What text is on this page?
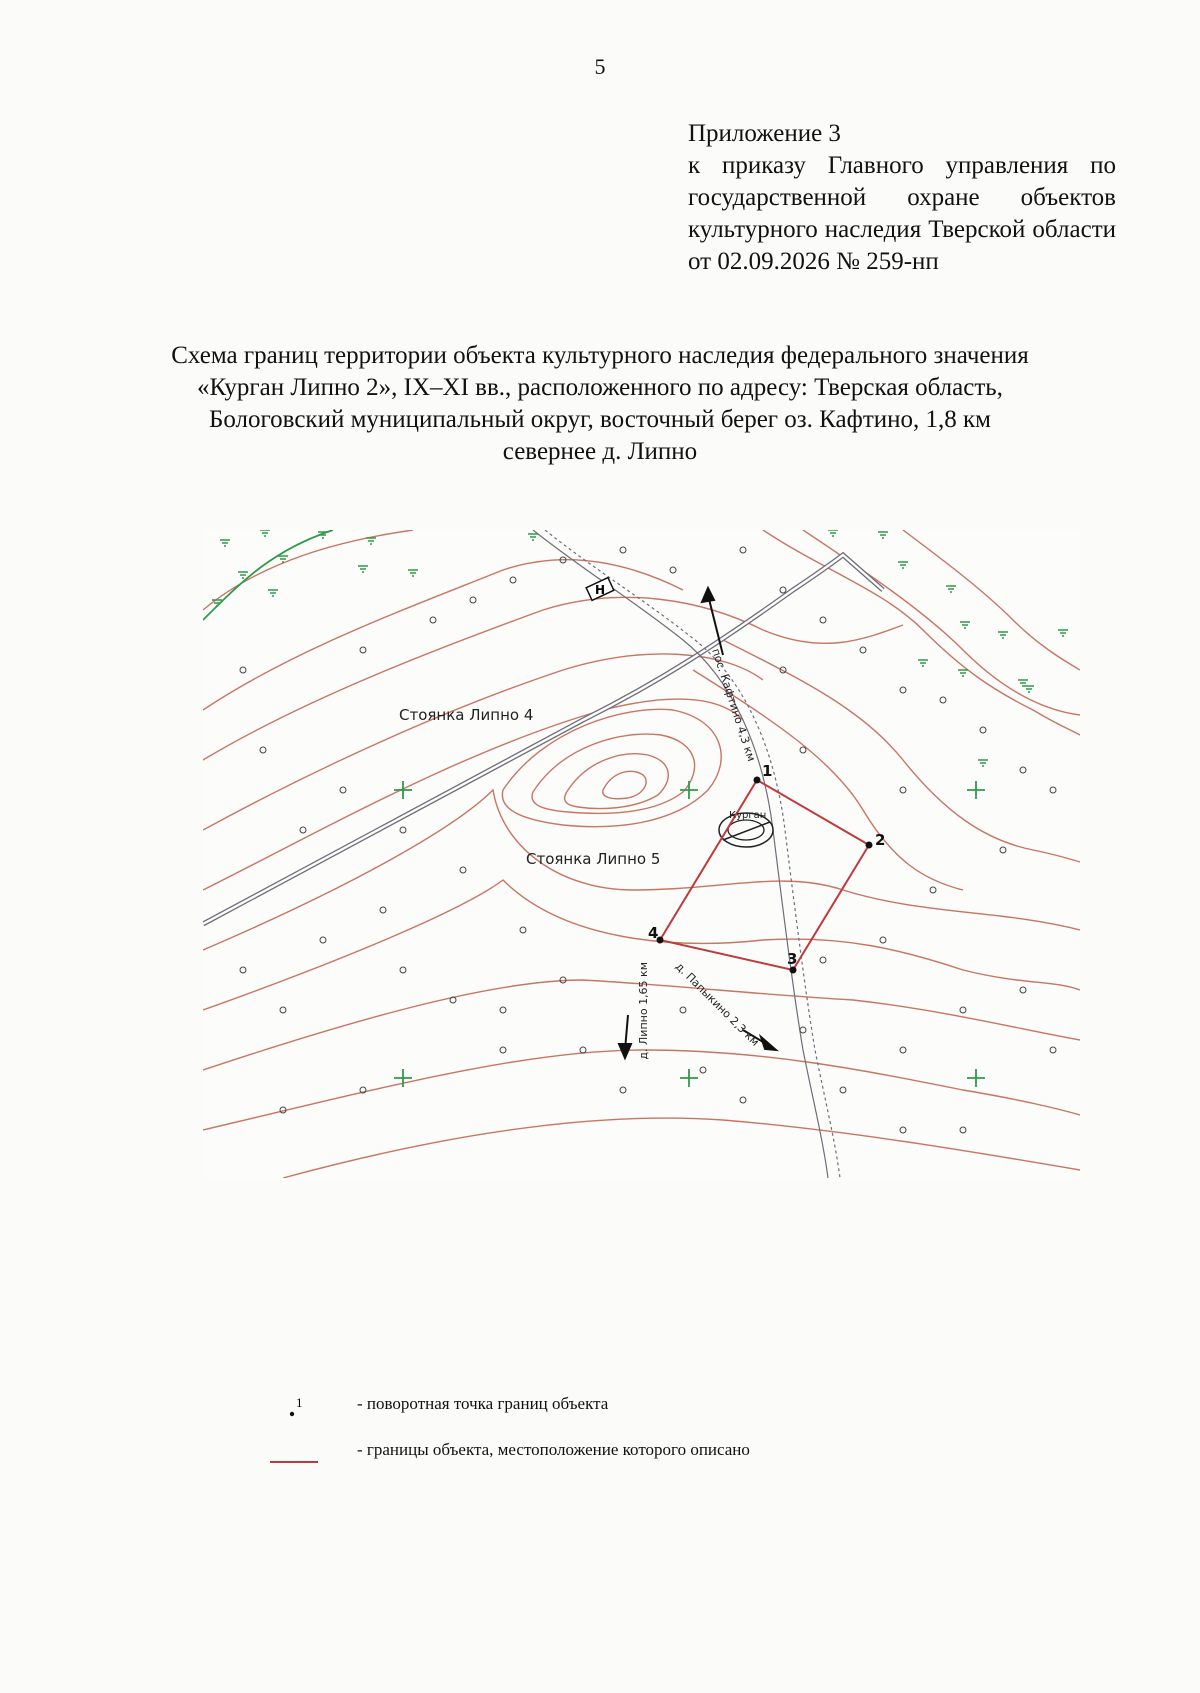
5
Приложение 3
к приказу Главного управления по государственной охране объектов культурного наследия Тверской области от 02.09.2026 № 259-нп
Схема границ территории объекта культурного наследия федерального значения «Курган Липно 2», IX–XI вв., расположенного по адресу: Тверская область, Бологовский муниципальный округ, восточный берег оз. Кафтино, 1,8 км севернее д. Липно
1
2
3
4
Н
Стоянка Липно 4
Стоянка Липно 5
Курган
пос. Кафтино 4,3 км
д. Липно 1,65 км д. Папыкино 2,3 км
1	- поворотная точка границ объекта
- границы объекта, местоположение которого описано
